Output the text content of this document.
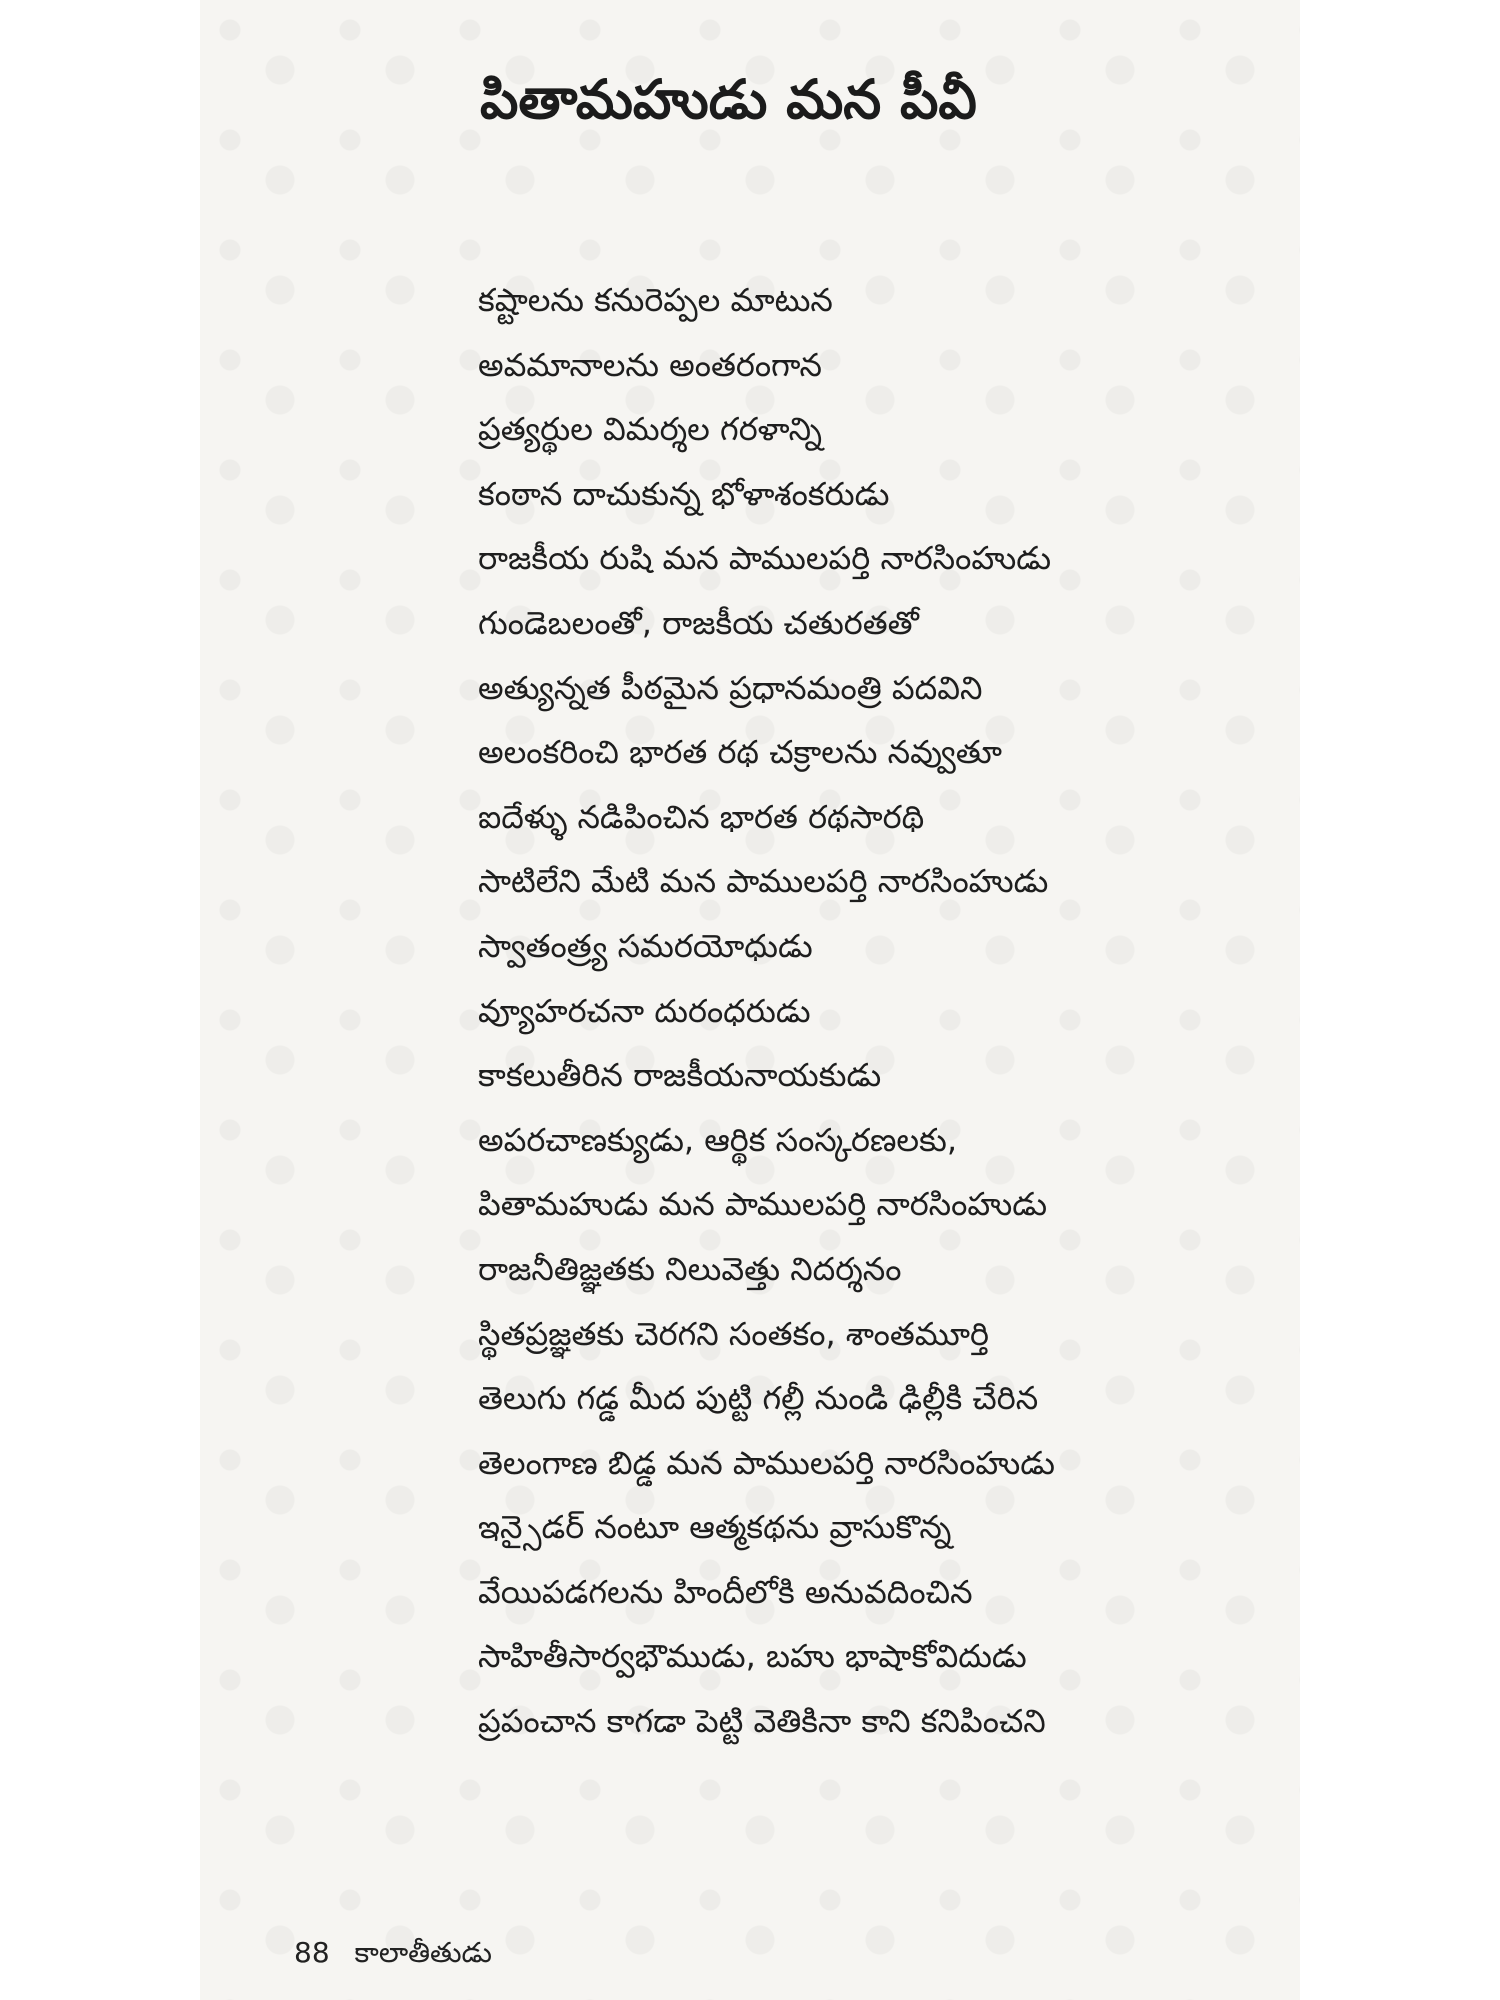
పితామహుడు మన పీవీ
కష్టాలను కనురెప్పల మాటున
అవమానాలను అంతరంగాన
ప్రత్యర్థుల విమర్శల గరళాన్ని
కంఠాన దాచుకున్న భోళాశంకరుడు
రాజకీయ రుషి మన పాములపర్తి నారసింహుడు
గుండెబలంతో, రాజకీయ చతురతతో
అత్యున్నత పీఠమైన ప్రధానమంత్రి పదవిని
అలంకరించి భారత రథ చక్రాలను నవ్వుతూ
ఐదేళ్ళు నడిపించిన భారత రథసారథి
సాటిలేని మేటి మన పాములపర్తి నారసింహుడు
స్వాతంత్ర్య సమరయోధుడు
వ్యూహరచనా దురంధరుడు
కాకలుతీరిన రాజకీయనాయకుడు
అపరచాణక్యుడు, ఆర్థిక సంస్కరణలకు,
పితామహుడు మన పాములపర్తి నారసింహుడు
రాజనీతిజ్ఞతకు నిలువెత్తు నిదర్శనం
స్థితప్రజ్ఞతకు చెరగని సంతకం, శాంతమూర్తి
తెలుగు గడ్డ మీద పుట్టి గల్లీ నుండి ఢిల్లీకి చేరిన
తెలంగాణ బిడ్డ మన పాములపర్తి నారసింహుడు
ఇన్సైడర్ నంటూ ఆత్మకథను వ్రాసుకొన్న
వేయిపడగలను హిందీలోకి అనువదించిన
సాహితీసార్వభౌముడు, బహు భాషాకోవిదుడు
ప్రపంచాన కాగడా పెట్టి వెతికినా కాని కనిపించని
88 కాలాతీతుడు
